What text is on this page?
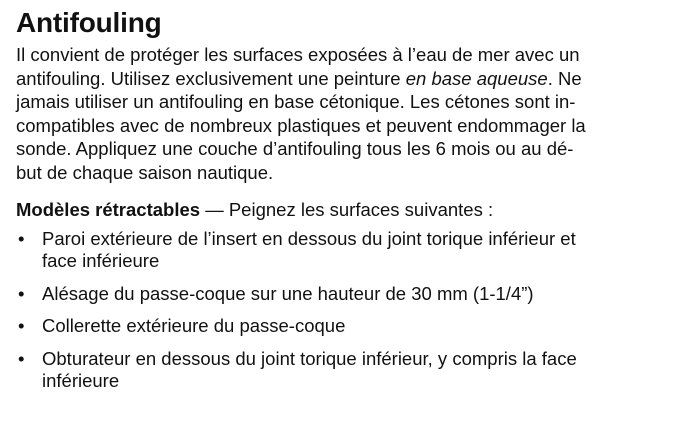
Antifouling

Il convient de protéger les surfaces exposées à l’eau de mer avec un
antifouling. Utilisez exclusivement une peinture en base aqueuse. Ne
jamais utiliser un antifouling en base cétonique. Les cétones sont in-
compatibles avec de nombreux plastiques et peuvent endommager la
sonde. Appliquez une couche d’antifouling tous les 6 mois ou au dé-
but de chaque saison nautique.

Modèles rétractables — Peignez les surfaces suivantes :

• Paroi extérieure de l’insert en dessous du joint torique inférieur et
face inférieure
• Alésage du passe-coque sur une hauteur de 30 mm (1-1/4”)
• Collerette extérieure du passe-coque
• Obturateur en dessous du joint torique inférieur, y compris la face
inférieure
